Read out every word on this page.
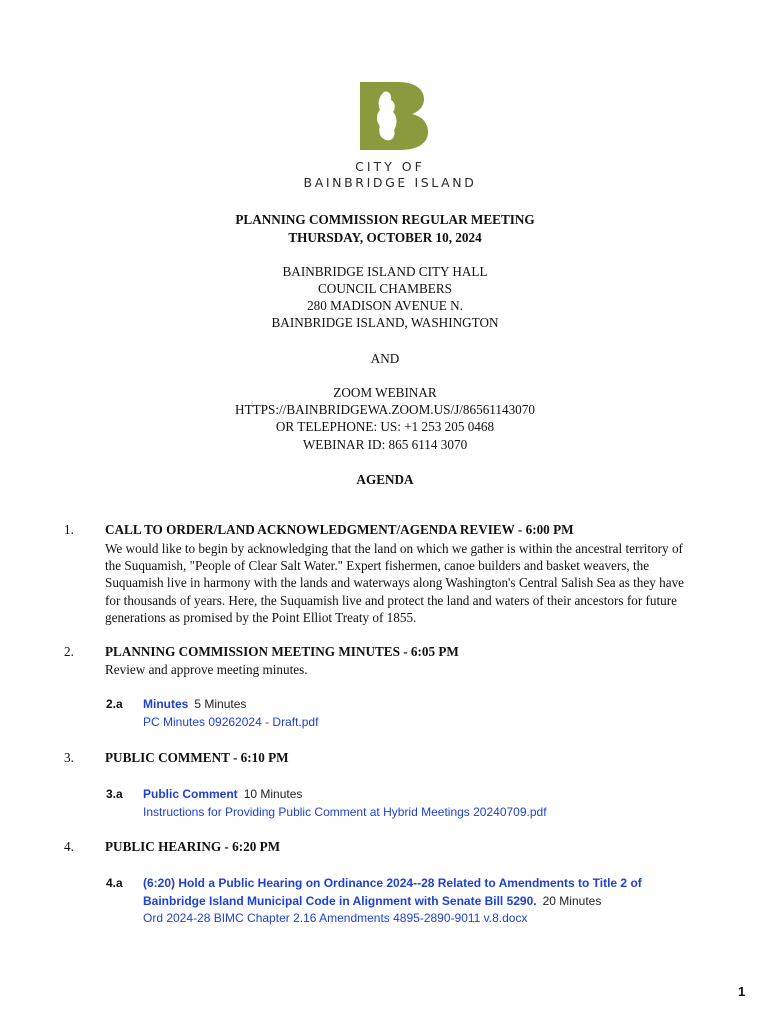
CITY OF
BAINBRIDGE ISLAND
PLANNING COMMISSION REGULAR MEETING
THURSDAY, OCTOBER 10, 2024
BAINBRIDGE ISLAND CITY HALL
COUNCIL CHAMBERS
280 MADISON AVENUE N.
BAINBRIDGE ISLAND, WASHINGTON
AND
ZOOM WEBINAR
HTTPS://BAINBRIDGEWA.ZOOM.US/J/86561143070
OR TELEPHONE: US: +1 253 205 0468
WEBINAR ID: 865 6114 3070
AGENDA
1. CALL TO ORDER/LAND ACKNOWLEDGMENT/AGENDA REVIEW - 6:00 PM
We would like to begin by acknowledging that the land on which we gather is within the ancestral territory of
the Suquamish, "People of Clear Salt Water." Expert fishermen, canoe builders and basket weavers, the
Suquamish live in harmony with the lands and waterways along Washington's Central Salish Sea as they have
for thousands of years. Here, the Suquamish live and protect the land and waters of their ancestors for future
generations as promised by the Point Elliot Treaty of 1855.
2. PLANNING COMMISSION MEETING MINUTES - 6:05 PM
Review and approve meeting minutes.
2.a Minutes 5 Minutes
PC Minutes 09262024 - Draft.pdf
3. PUBLIC COMMENT - 6:10 PM
3.a Public Comment 10 Minutes
Instructions for Providing Public Comment at Hybrid Meetings 20240709.pdf
4. PUBLIC HEARING - 6:20 PM
4.a (6:20) Hold a Public Hearing on Ordinance 2024--28 Related to Amendments to Title 2 of
Bainbridge Island Municipal Code in Alignment with Senate Bill 5290. 20 Minutes
Ord 2024-28 BIMC Chapter 2.16 Amendments 4895-2890-9011 v.8.docx
1
